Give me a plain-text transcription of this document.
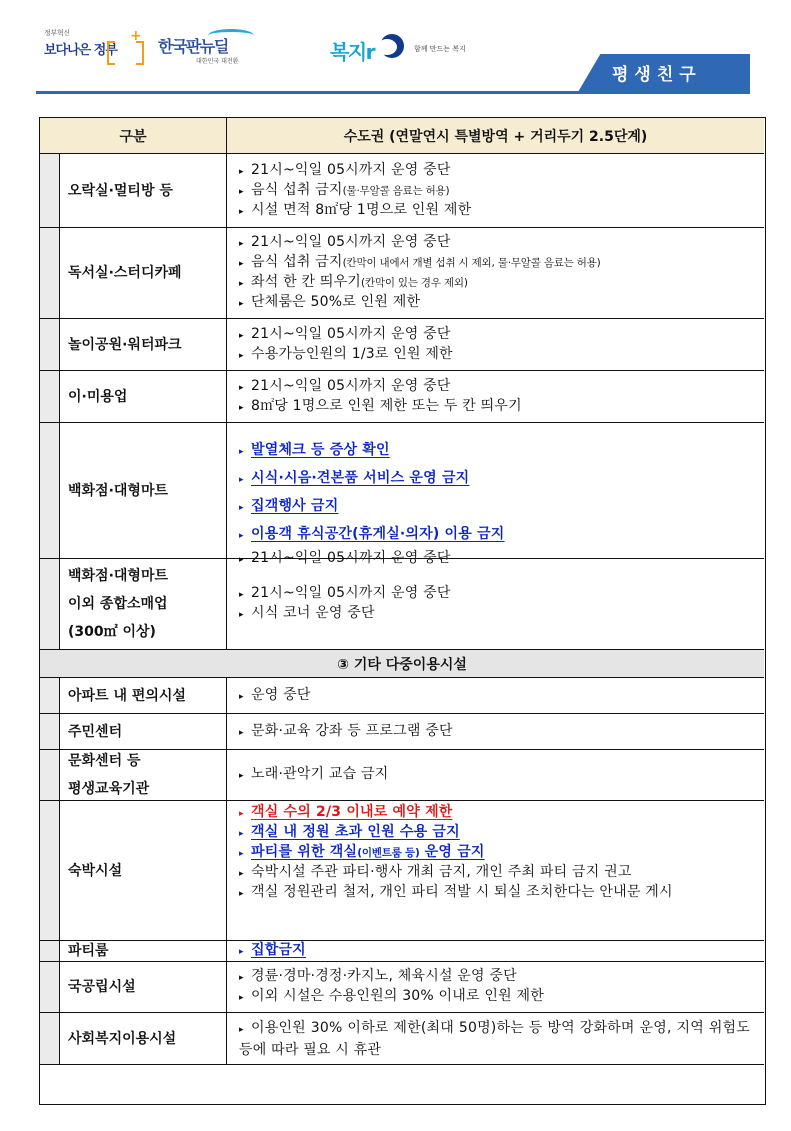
정부혁신
보다나은 정부
+
한국판뉴딜
대한민국 대전환	복지r	함께 만드는 복지
평생친구
구분	수도권 (연말연시 특별방역 + 거리두기 2.5단계)
오락실·멀티방 등
▸ 21시~익일 05시까지 운영 중단
▸ 음식 섭취 금지(물·무알콜 음료는 허용)
▸ 시설 면적 8㎡당 1명으로 인원 제한
독서실·스터디카페
▸ 21시~익일 05시까지 운영 중단
▸ 음식 섭취 금지(칸막이 내에서 개별 섭취 시 제외, 물·무알콜 음료는 허용)
▸ 좌석 한 칸 띄우기(칸막이 있는 경우 제외)
▸ 단체룸은 50%로 인원 제한
놀이공원·워터파크
▸ 21시~익일 05시까지 운영 중단
▸ 수용가능인원의 1/3로 인원 제한
이·미용업
▸ 21시~익일 05시까지 운영 중단
▸ 8㎡당 1명으로 인원 제한 또는 두 칸 띄우기
백화점·대형마트
▸ 발열체크 등 증상 확인
▸ 시식·시음·견본품 서비스 운영 금지
▸ 집객행사 금지
▸ 이용객 휴식공간(휴게실·의자) 이용 금지
▸ 21시~익일 05시까지 운영 중단
백화점·대형마트
이외 종합소매업
(300㎡ 이상)
▸ 21시~익일 05시까지 운영 중단
▸ 시식 코너 운영 중단
③ 기타 다중이용시설
아파트 내 편의시설	▸ 운영 중단
주민센터	▸ 문화·교육 강좌 등 프로그램 중단
문화센터 등
평생교육기관
▸ 노래·관악기 교습 금지
숙박시설
▸ 객실 수의 2/3 이내로 예약 제한
▸ 객실 내 정원 초과 인원 수용 금지
▸ 파티를 위한 객실(이벤트룸 등) 운영 금지
▸ 숙박시설 주관 파티·행사 개최 금지, 개인 주최 파티 금지 권고
▸ 객실 정원관리 철저, 개인 파티 적발 시 퇴실 조치한다는 안내문 게시
파티룸	▸ 집합금지
국공립시설
▸ 경륜·경마·경정·카지노, 체육시설 운영 중단
▸ 이외 시설은 수용인원의 30% 이내로 인원 제한
사회복지이용시설
▸ 이용인원 30% 이하로 제한(최대 50명)하는 등 방역 강화하며 운영, 지역 위험도 등에 따라 필요 시 휴관
